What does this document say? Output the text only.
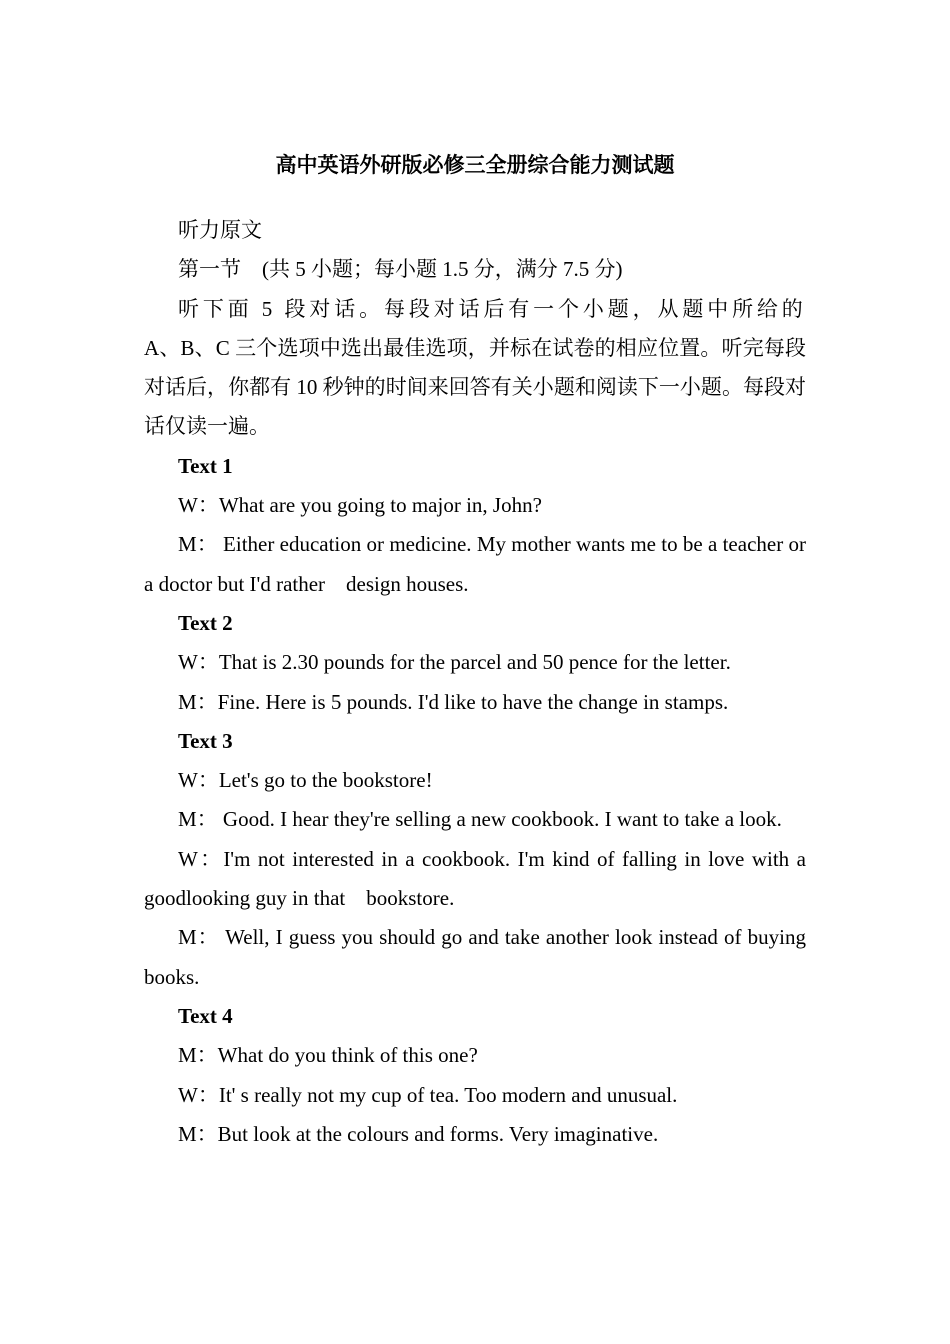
高中英语外研版必修三全册综合能力测试题

听力原文

第一节　(共 5 小题；每小题 1.5 分，满分 7.5 分)

听下面 5 段对话。每段对话后有一个小题，从题中所给的

A、B、C 三个选项中选出最佳选项，并标在试卷的相应位置。听完每段对话后，你都有 10 秒钟的时间来回答有关小题和阅读下一小题。每段对话仅读一遍。

Text 1

W：What are you going to major in, John?

M： Either education or medicine. My mother wants me to be a teacher or a doctor but I'd rather　design houses.

Text 2

W：That is 2.30 pounds for the parcel and 50 pence for the letter.

M：Fine. Here is 5 pounds. I'd like to have the change in stamps.

Text 3

W：Let's go to the bookstore!

M： Good. I hear they're selling a new cookbook. I want to take a look.

W：I'm not interested in a cookbook. I'm kind of falling in love with a goodlooking guy in that　bookstore.

M： Well, I guess you should go and take another look instead of buying books.

Text 4

M：What do you think of this one?

W：It' s really not my cup of tea. Too modern and unusual.

M：But look at the colours and forms. Very imaginative.
